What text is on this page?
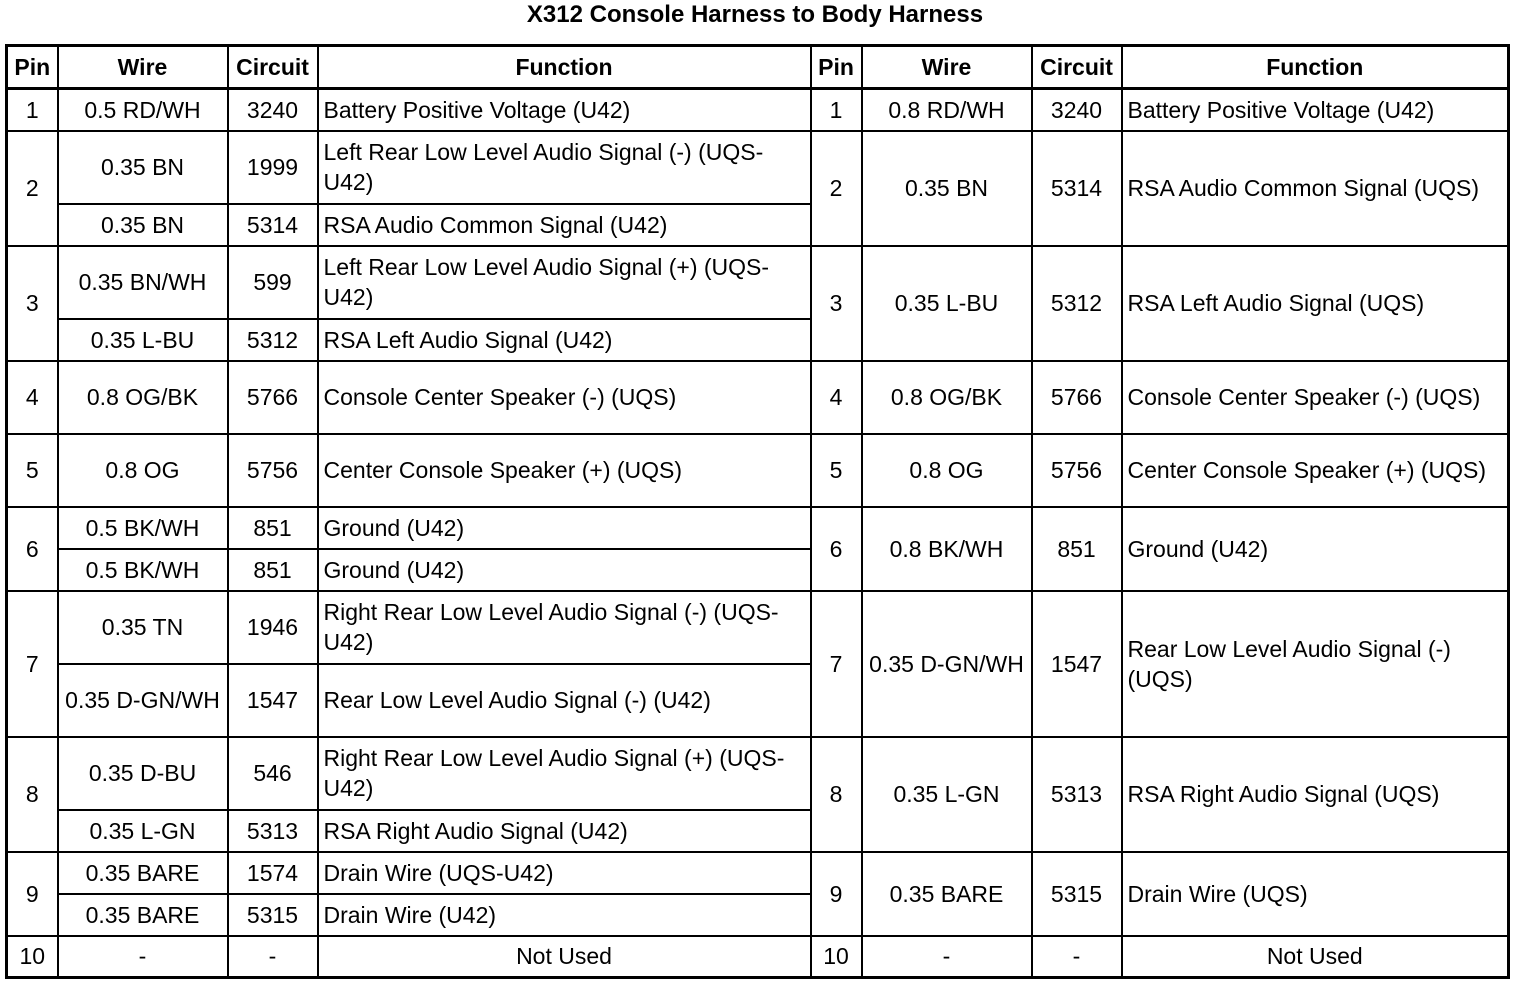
X312 Console Harness to Body Harness
Pin	Wire	Circuit	Function	Pin	Wire	Circuit	Function
1	0.5 RD/WH	3240	Battery Positive Voltage (U42)	1	0.8 RD/WH	3240	Battery Positive Voltage (U42)
2	0.35 BN	1999	Left Rear Low Level Audio Signal (-) (UQS-U42)	2	0.35 BN	5314	RSA Audio Common Signal (UQS)
	0.35 BN	5314	RSA Audio Common Signal (U42)				
3	0.35 BN/WH	599	Left Rear Low Level Audio Signal (+) (UQS-U42)	3	0.35 L-BU	5312	RSA Left Audio Signal (UQS)
	0.35 L-BU	5312	RSA Left Audio Signal (U42)				
4	0.8 OG/BK	5766	Console Center Speaker (-) (UQS)	4	0.8 OG/BK	5766	Console Center Speaker (-) (UQS)
5	0.8 OG	5756	Center Console Speaker (+) (UQS)	5	0.8 OG	5756	Center Console Speaker (+) (UQS)
6	0.5 BK/WH	851	Ground (U42)	6	0.8 BK/WH	851	Ground (U42)
	0.5 BK/WH	851	Ground (U42)				
7	0.35 TN	1946	Right Rear Low Level Audio Signal (-) (UQS-U42)	7	0.35 D-GN/WH	1547	Rear Low Level Audio Signal (-) (UQS)
	0.35 D-GN/WH	1547	Rear Low Level Audio Signal (-) (U42)				
8	0.35 D-BU	546	Right Rear Low Level Audio Signal (+) (UQS-U42)	8	0.35 L-GN	5313	RSA Right Audio Signal (UQS)
	0.35 L-GN	5313	RSA Right Audio Signal (U42)				
9	0.35 BARE	1574	Drain Wire (UQS-U42)	9	0.35 BARE	5315	Drain Wire (UQS)
	0.35 BARE	5315	Drain Wire (U42)				
10	-	-	Not Used	10	-	-	Not Used
